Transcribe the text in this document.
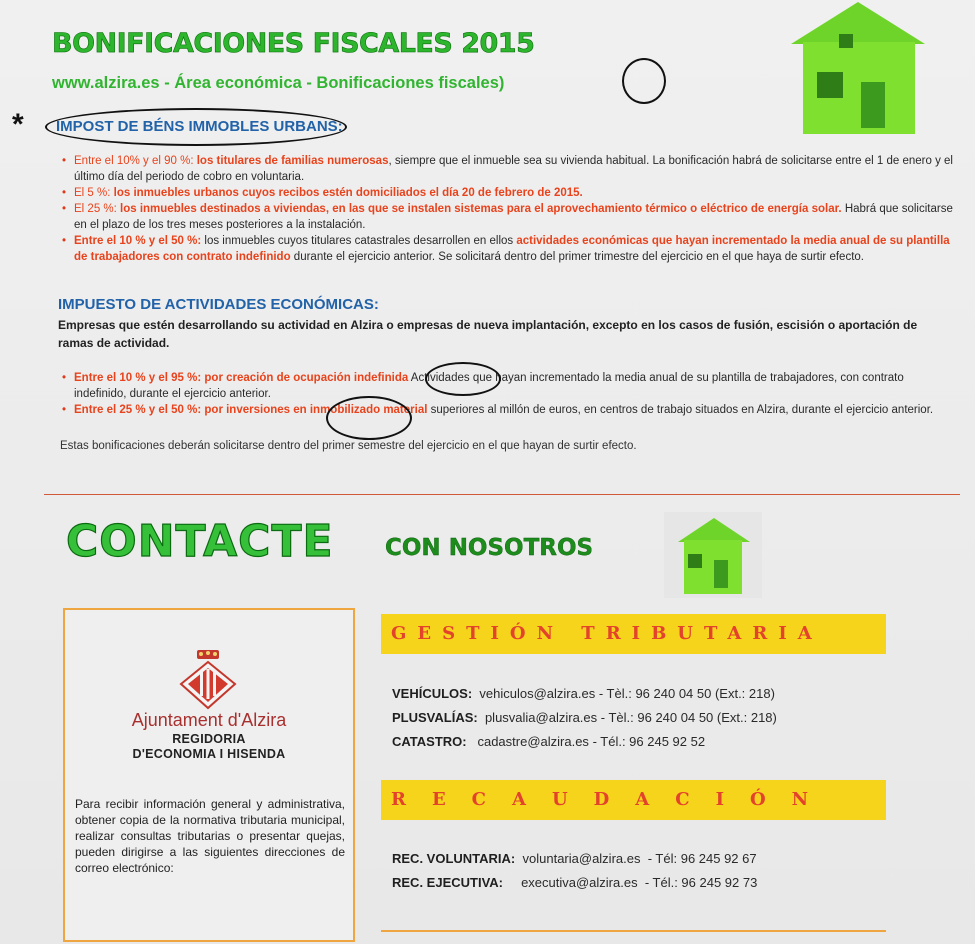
BONIFICACIONES FISCALES 2015
www.alzira.es - Área económica - Bonificaciones fiscales)
* IMPOST DE BÉNS IMMOBLES URBANS:
• Entre el 10% y el 90 %: los titulares de familias numerosas, siempre que el inmueble sea su vivienda habitual. La bonificación habrá de solicitarse entre el 1 de enero y el último día del periodo de cobro en voluntaria.
• El 5 %: los inmuebles urbanos cuyos recibos estén domiciliados el día 20 de febrero de 2015.
• El 25 %: los inmuebles destinados a viviendas, en las que se instalen sistemas para el aprovechamiento térmico o eléctrico de energía solar. Habrá que solicitarse en el plazo de los tres meses posteriores a la instalación.
• Entre el 10 % y el 50 %: los inmuebles cuyos titulares catastrales desarrollen en ellos actividades económicas que hayan incrementado la media anual de su plantilla de trabajadores con contrato indefinido durante el ejercicio anterior. Se solicitará dentro del primer trimestre del ejercicio en el que haya de surtir efecto.
IMPUESTO DE ACTIVIDADES ECONÓMICAS:
Empresas que estén desarrollando su actividad en Alzira o empresas de nueva implantación, excepto en los casos de fusión, escisión o aportación de ramas de actividad.
• Entre el 10 % y el 95 %: por creación de ocupación indefinida Actividades que hayan incrementado la media anual de su plantilla de trabajadores, con contrato indefinido, durante el ejercicio anterior.
• Entre el 25 % y el 50 %: por inversiones en inmobilizado material superiores al millón de euros, en centros de trabajo situados en Alzira, durante el ejercicio anterior.
Estas bonificaciones deberán solicitarse dentro del primer semestre del ejercicio en el que hayan de surtir efecto.
CONTACTE CON NOSOTROS
Ajuntament d'Alzira
REGIDORIA
D'ECONOMIA I HISENDA
Para recibir información general y administrativa, obtener copia de la normativa tributaria municipal, realizar consultas tributarias o presentar quejas, pueden dirigirse a las siguientes direcciones de correo electrónico:
GESTIÓN TRIBUTARIA
VEHÍCULOS: vehiculos@alzira.es - Tèl.: 96 240 04 50 (Ext.: 218)
PLUSVALÍAS: plusvalia@alzira.es - Tèl.: 96 240 04 50 (Ext.: 218)
CATASTRO: cadastre@alzira.es - Tél.: 96 245 92 52
RECAUDACIÓN
REC. VOLUNTARIA: voluntaria@alzira.es - Tél: 96 245 92 67
REC. EJECUTIVA: executiva@alzira.es - Tél.: 96 245 92 73
